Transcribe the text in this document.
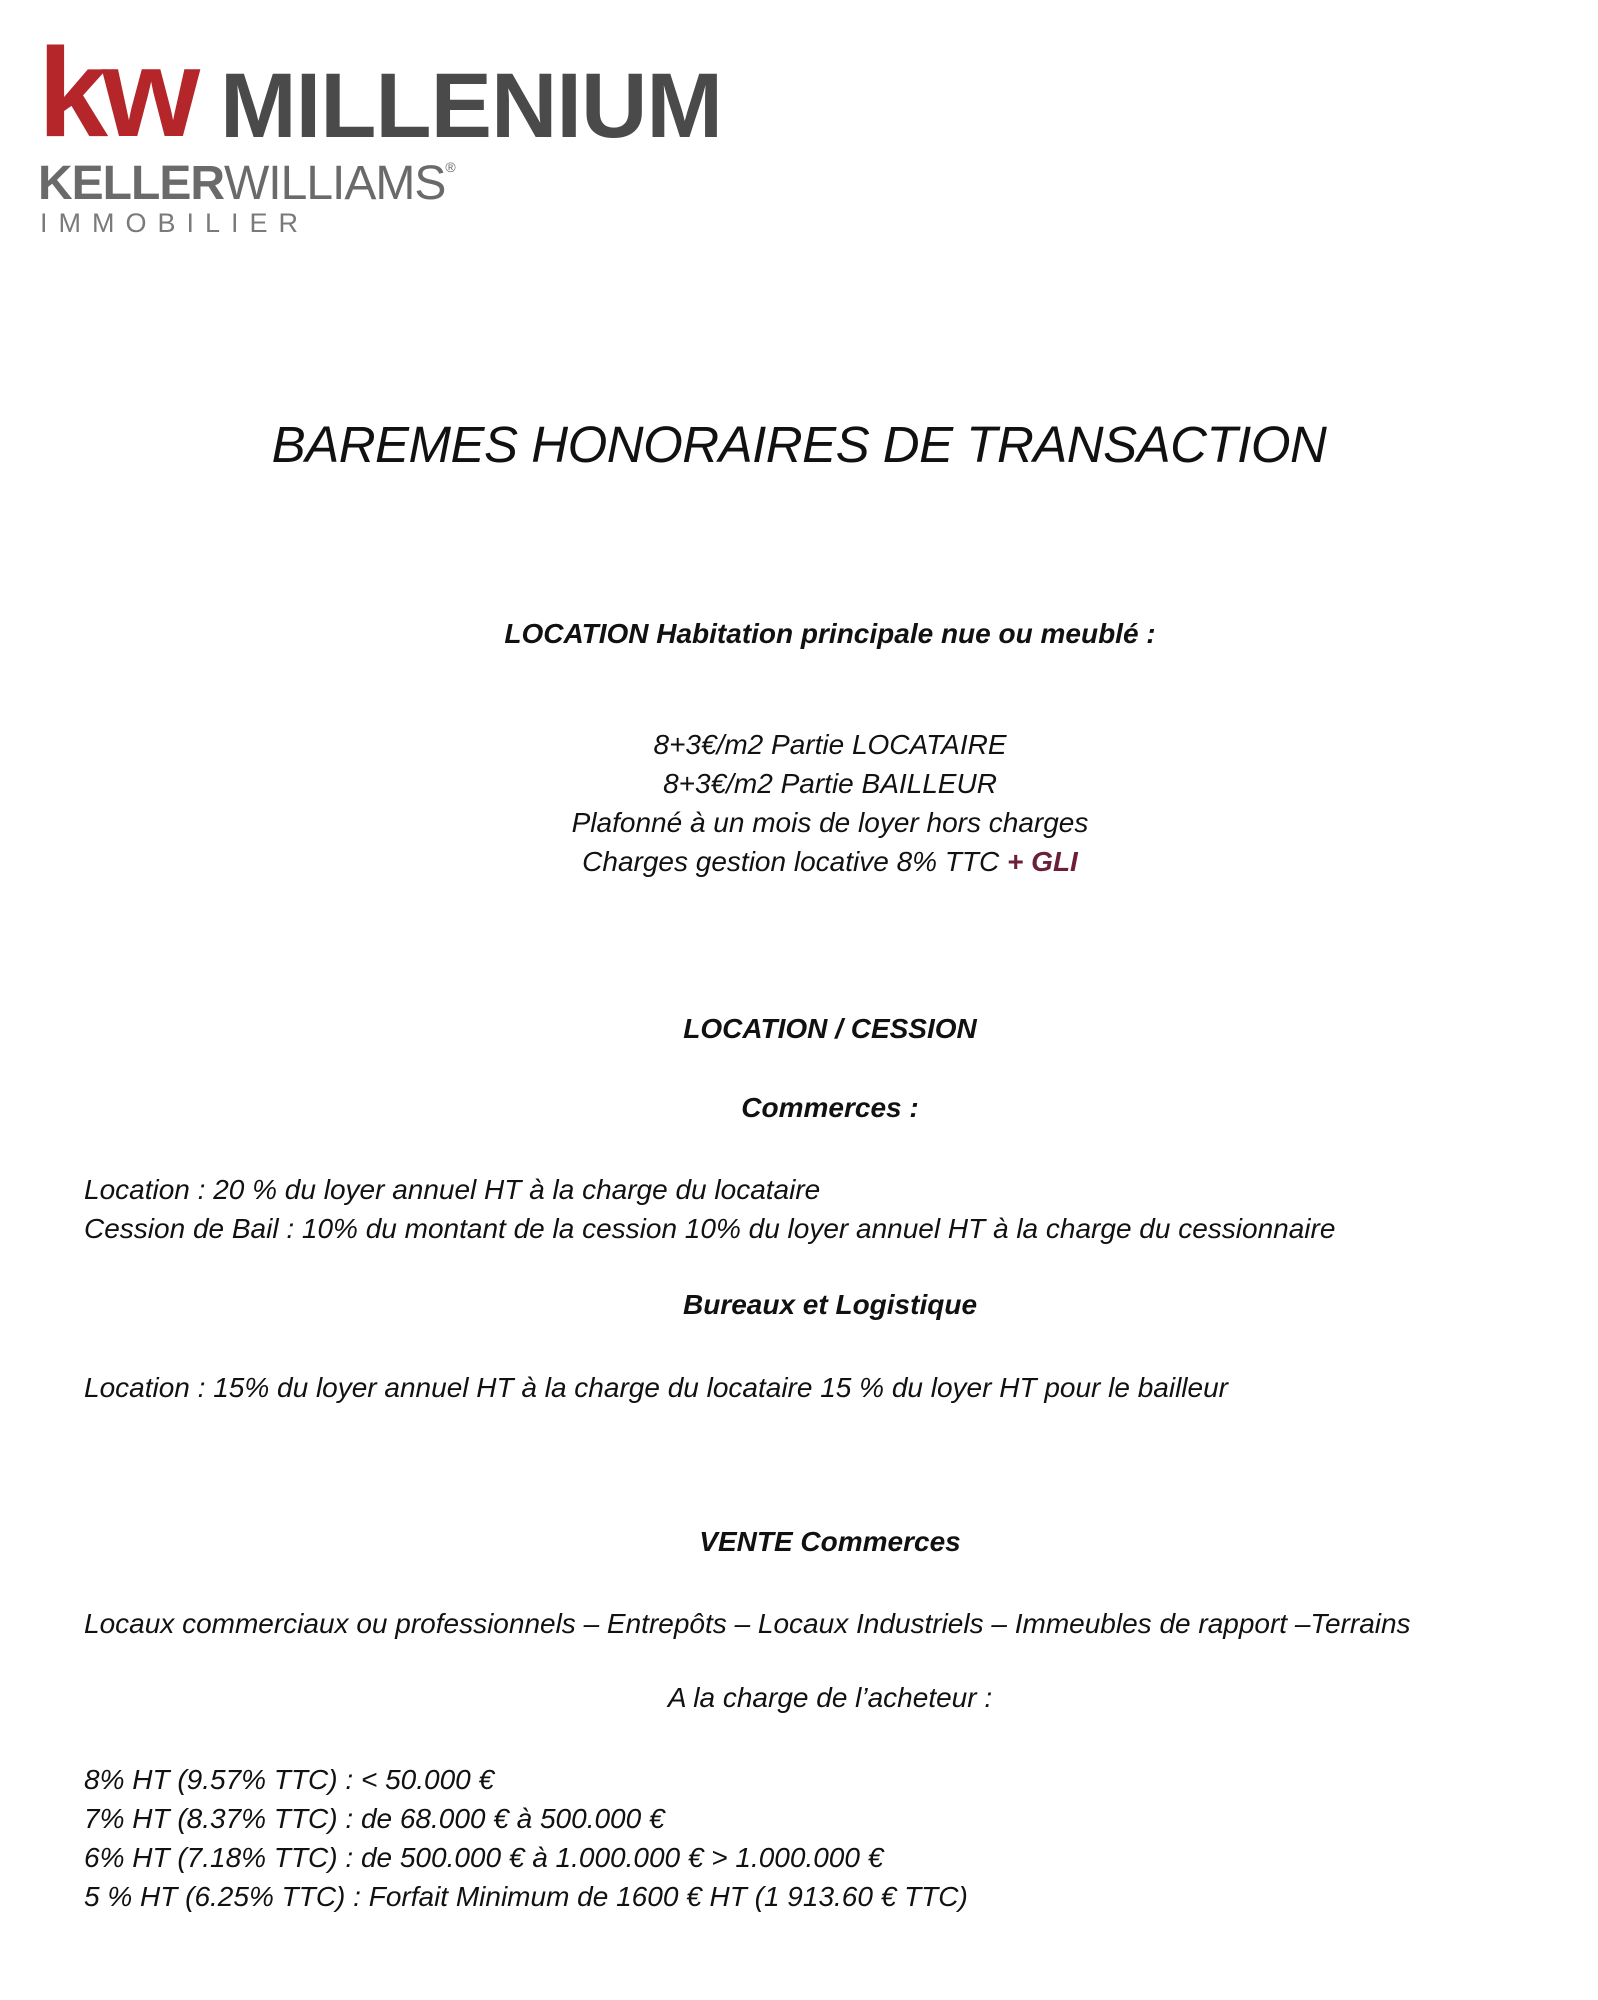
kw MILLENIUM
KELLERWILLIAMS®
IMMOBILIER
BAREMES HONORAIRES DE TRANSACTION
LOCATION Habitation principale nue ou meublé :
8+3€/m2 Partie LOCATAIRE
8+3€/m2 Partie BAILLEUR
Plafonné à un mois de loyer hors charges
Charges gestion locative 8% TTC + GLI
LOCATION / CESSION
Commerces :
Location : 20 % du loyer annuel HT à la charge du locataire
Cession de Bail : 10% du montant de la cession 10% du loyer annuel HT à la charge du cessionnaire
Bureaux et Logistique
Location : 15% du loyer annuel HT à la charge du locataire 15 % du loyer HT pour le bailleur
VENTE Commerces
Locaux commerciaux ou professionnels – Entrepôts – Locaux Industriels – Immeubles de rapport –Terrains
A la charge de l’acheteur :
8% HT (9.57% TTC) : < 50.000 €
7% HT (8.37% TTC) : de 68.000 € à 500.000 €
6% HT (7.18% TTC) : de 500.000 € à 1.000.000 € > 1.000.000 €
5 % HT (6.25% TTC) : Forfait Minimum de 1600 € HT (1 913.60 € TTC)
